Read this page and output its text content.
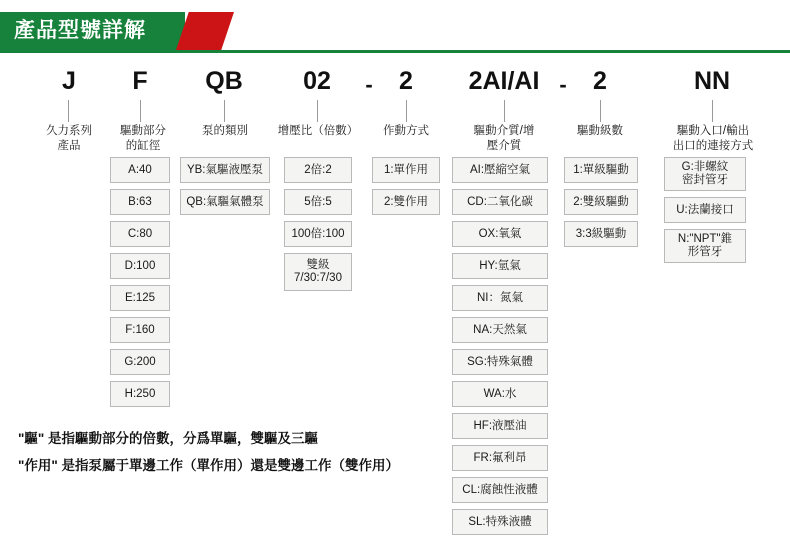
產品型號詳解
J
久力系列
產品
F
驅動部分
的缸徑
A:40
B:63
C:80
D:100
E:125
F:160
G:200
H:250
QB
泵的類別
YB:氣驅液壓泵
QB:氣驅氣體泵
02
增壓比（倍數）
2倍:2
5倍:5
100倍:100
雙級
7/30:7/30
-	2
作動方式
1:單作用
2:雙作用
2AI/AI
驅動介質/增
壓介質
AI:壓縮空氣
CD:二氧化碳
OX:氧氣
HY:氫氣
NI：氮氣
NA:天然氣
SG:特殊氣體
WA:水
HF:液壓油
FR:氟利昂
CL:腐蝕性液體
SL:特殊液體
-	2
驅動級數
1:單級驅動
2:雙級驅動
3:3級驅動
NN
驅動入口/輸出
出口的連接方式
G:非螺紋
密封管牙
U:法蘭接口
N:"NPT"錐
形管牙
"驅" 是指驅動部分的倍數，分爲單驅，雙驅及三驅
"作用" 是指泵屬于單邊工作（單作用）還是雙邊工作（雙作用）
